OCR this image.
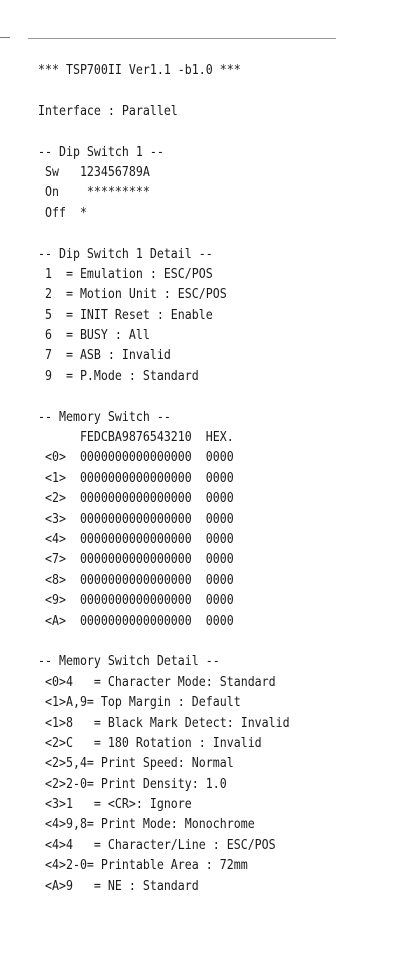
*** TSP700II Ver1.1 -b1.0 ***
Interface : Parallel
-- Dip Switch 1 --
Sw   123456789A
On    *********
Off  *
-- Dip Switch 1 Detail --
1  = Emulation : ESC/POS
2  = Motion Unit : ESC/POS
5  = INIT Reset : Enable
6  = BUSY : All
7  = ASB : Invalid
9  = P.Mode : Standard
-- Memory Switch --
FEDCBA9876543210  HEX.
<0>  0000000000000000  0000
<1>  0000000000000000  0000
<2>  0000000000000000  0000
<3>  0000000000000000  0000
<4>  0000000000000000  0000
<7>  0000000000000000  0000
<8>  0000000000000000  0000
<9>  0000000000000000  0000
<A>  0000000000000000  0000
-- Memory Switch Detail --
<0>4   = Character Mode: Standard
<1>A,9= Top Margin : Default
<1>8   = Black Mark Detect: Invalid
<2>C   = 180 Rotation : Invalid
<2>5,4= Print Speed: Normal
<2>2-0= Print Density: 1.0
<3>1   = <CR>: Ignore
<4>9,8= Print Mode: Monochrome
<4>4   = Character/Line : ESC/POS
<4>2-0= Printable Area : 72mm
<A>9   = NE : Standard
